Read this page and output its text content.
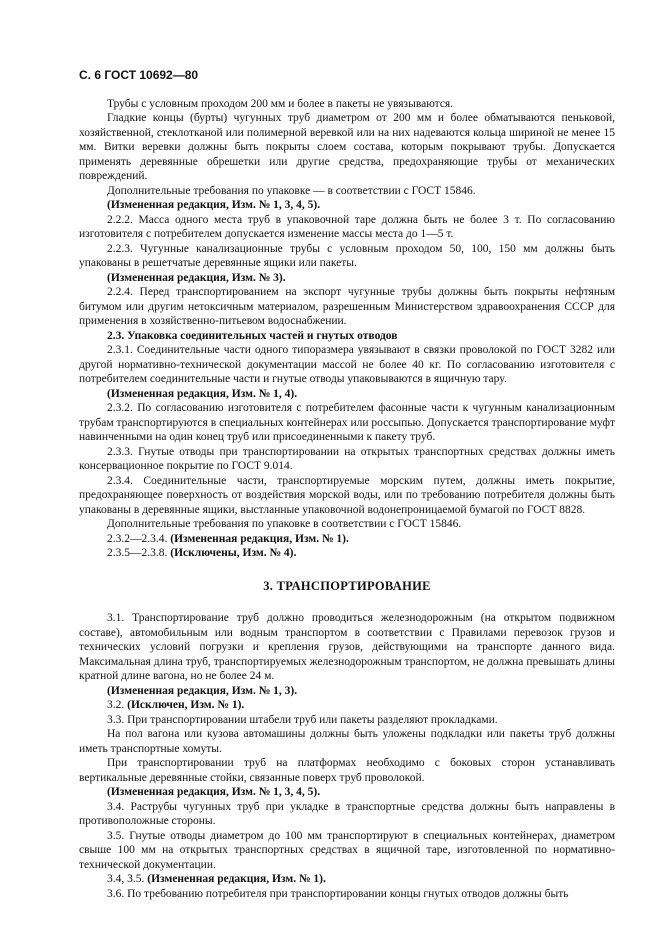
С. 6 ГОСТ 10692—80

Трубы с условным проходом 200 мм и более в пакеты не увязываются.

Гладкие концы (бурты) чугунных труб диаметром от 200 мм и более обматываются пеньковой, хозяйственной, стеклотканой или полимерной веревкой или на них надеваются кольца шириной не менее 15 мм. Витки веревки должны быть покрыты слоем состава, которым покрывают трубы. Допускается применять деревянные обрешетки или другие средства, предохраняющие трубы от механических повреждений.

Дополнительные требования по упаковке — в соответствии с ГОСТ 15846.

(Измененная редакция, Изм. № 1, 3, 4, 5).

2.2.2. Масса одного места труб в упаковочной таре должна быть не более 3 т. По согласованию изготовителя с потребителем допускается изменение массы места до 1—5 т.

2.2.3. Чугунные канализационные трубы с условным проходом 50, 100, 150 мм должны быть упакованы в решетчатые деревянные ящики или пакеты.

(Измененная редакция, Изм. № 3).

2.2.4. Перед транспортированием на экспорт чугунные трубы должны быть покрыты нефтяным битумом или другим нетоксичным материалом, разрешенным Министерством здравоохранения СССР для применения в хозяйственно-питьевом водоснабжении.

2.3. Упаковка соединительных частей и гнутых отводов

2.3.1. Соединительные части одного типоразмера увязывают в связки проволокой по ГОСТ 3282 или другой нормативно-технической документации массой не более 40 кг. По согласованию изготовителя с потребителем соединительные части и гнутые отводы упаковываются в ящичную тару.

(Измененная редакция, Изм. № 1, 4).

2.3.2. По согласованию изготовителя с потребителем фасонные части к чугунным канализационным трубам транспортируются в специальных контейнерах или россыпью. Допускается транспортирование муфт навинченными на один конец труб или присоединенными к пакету труб.

2.3.3. Гнутые отводы при транспортировании на открытых транспортных средствах должны иметь консервационное покрытие по ГОСТ 9.014.

2.3.4. Соединительные части, транспортируемые морским путем, должны иметь покрытие, предохраняющее поверхность от воздействия морской воды, или по требованию потребителя должны быть упакованы в деревянные ящики, выстланные упаковочной водонепроницаемой бумагой по ГОСТ 8828.

Дополнительные требования по упаковке в соответствии с ГОСТ 15846.

2.3.2—2.3.4. (Измененная редакция, Изм. № 1).

2.3.5—2.3.8. (Исключены, Изм. № 4).

3. ТРАНСПОРТИРОВАНИЕ

3.1. Транспортирование труб должно проводиться железнодорожным (на открытом подвижном составе), автомобильным или водным транспортом в соответствии с Правилами перевозок грузов и технических условий погрузки и крепления грузов, действующими на транспорте данного вида. Максимальная длина труб, транспортируемых железнодорожным транспортом, не должна превышать длины кратной длине вагона, но не более 24 м.

(Измененная редакция, Изм. № 1, 3).

3.2. (Исключен, Изм. № 1).

3.3. При транспортировании штабели труб или пакеты разделяют прокладками.

На пол вагона или кузова автомашины должны быть уложены подкладки или пакеты труб должны иметь транспортные хомуты.

При транспортировании труб на платформах необходимо с боковых сторон устанавливать вертикальные деревянные стойки, связанные поверх труб проволокой.

(Измененная редакция, Изм. № 1, 3, 4, 5).

3.4. Раструбы чугунных труб при укладке в транспортные средства должны быть направлены в противоположные стороны.

3.5. Гнутые отводы диаметром до 100 мм транспортируют в специальных контейнерах, диаметром свыше 100 мм на открытых транспортных средствах в ящичной таре, изготовленной по нормативно-технической документации.

3.4, 3.5. (Измененная редакция, Изм. № 1).

3.6. По требованию потребителя при транспортировании концы гнутых отводов должны быть
